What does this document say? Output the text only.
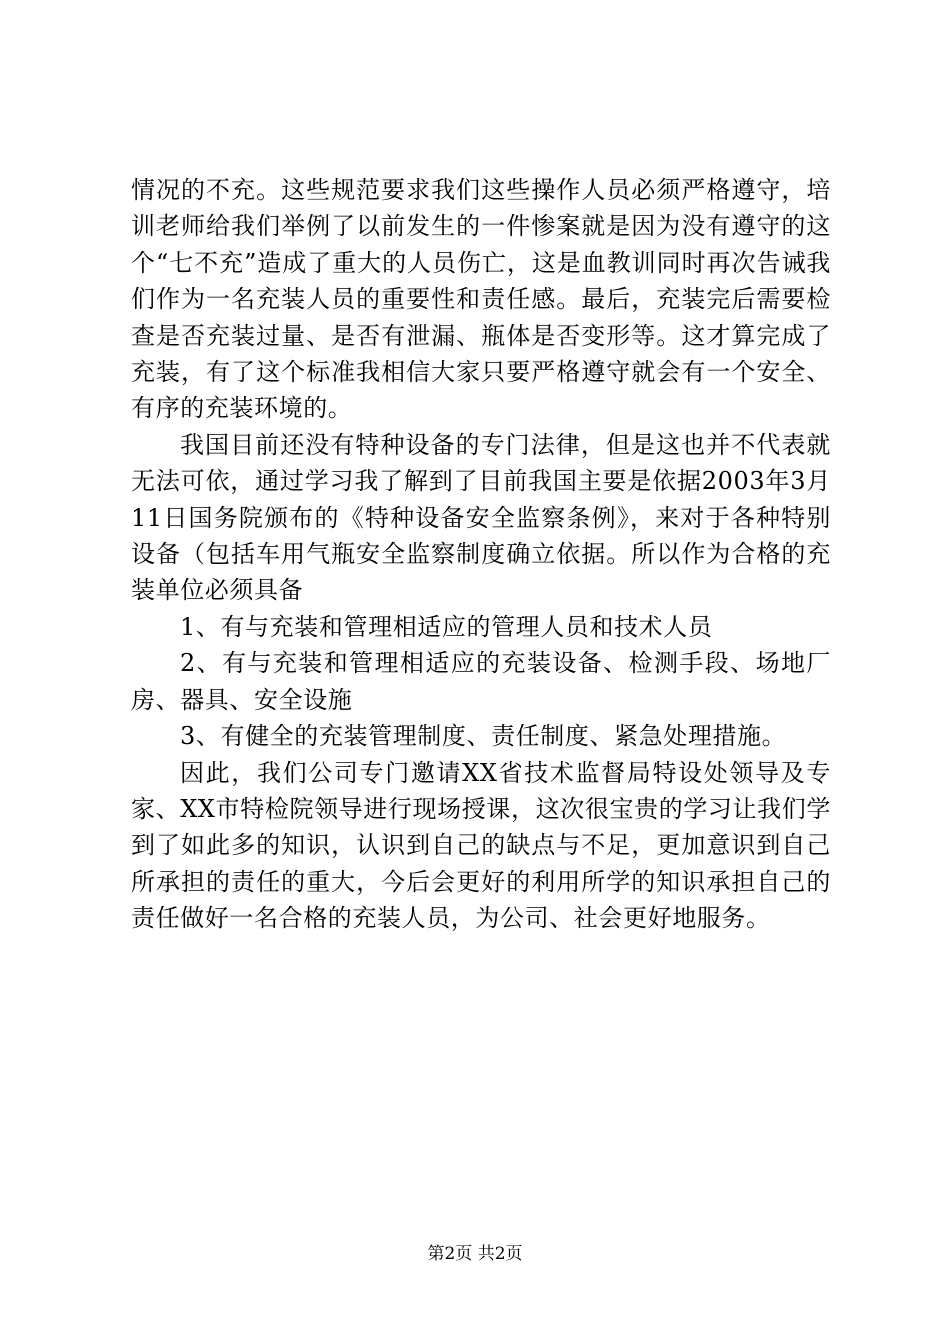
情况的不充。这些规范要求我们这些操作人员必须严格遵守，培训老师给我们举例了以前发生的一件惨案就是因为没有遵守的这个“七不充”造成了重大的人员伤亡，这是血教训同时再次告诫我们作为一名充装人员的重要性和责任感。最后，充装完后需要检查是否充装过量、是否有泄漏、瓶体是否变形等。这才算完成了充装，有了这个标准我相信大家只要严格遵守就会有一个安全、有序的充装环境的。

我国目前还没有特种设备的专门法律，但是这也并不代表就无法可依，通过学习我了解到了目前我国主要是依据2003年3月11日国务院颁布的《特种设备安全监察条例》，来对于各种特别设备（包括车用气瓶安全监察制度确立依据。所以作为合格的充装单位必须具备

1、有与充装和管理相适应的管理人员和技术人员

2、有与充装和管理相适应的充装设备、检测手段、场地厂房、器具、安全设施

3、有健全的充装管理制度、责任制度、紧急处理措施。

因此，我们公司专门邀请XX省技术监督局特设处领导及专家、XX市特检院领导进行现场授课，这次很宝贵的学习让我们学到了如此多的知识，认识到自己的缺点与不足，更加意识到自己所承担的责任的重大，今后会更好的利用所学的知识承担自己的责任做好一名合格的充装人员，为公司、社会更好地服务。

第2页 共2页
